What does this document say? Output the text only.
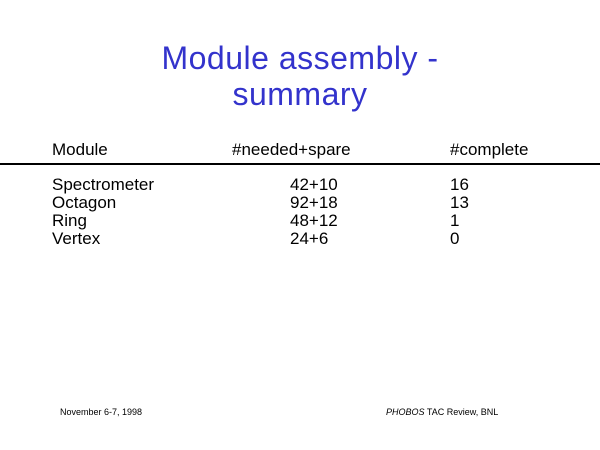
Module assembly -
summary
Module	#needed+spare	#complete
Spectrometer	42+10	16
Octagon	92+18	13
Ring	48+12	1
Vertex	24+6	0
November 6-7, 1998	PHOBOS TAC Review, BNL
